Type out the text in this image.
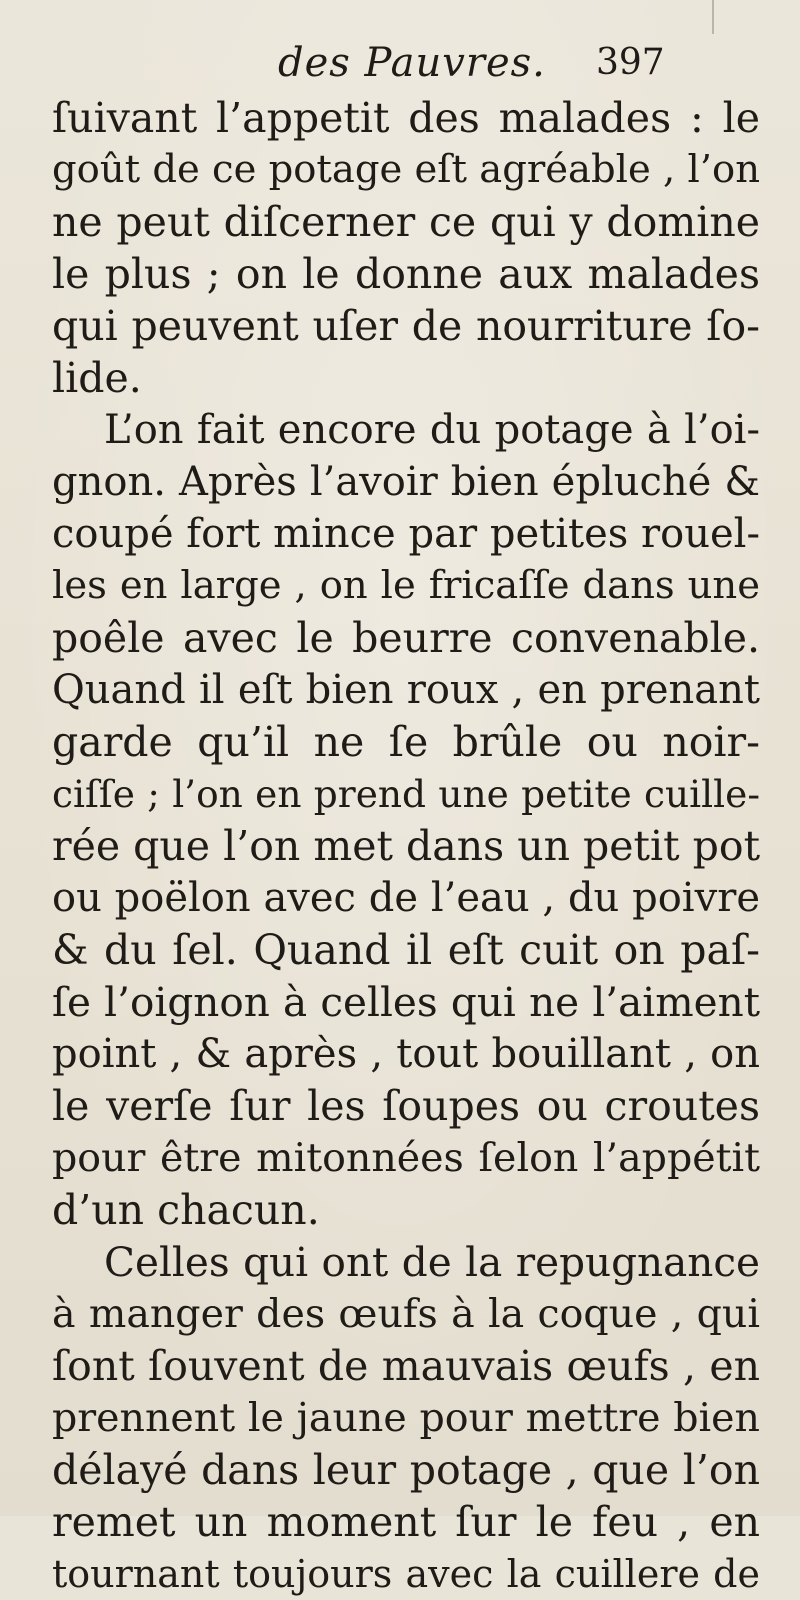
des Pauvres. 397
ſuivant l’appetit des malades : le
goût de ce potage eſt agréable , l’on
ne peut diſcerner ce qui y domine
le plus ; on le donne aux malades
qui peuvent uſer de nourriture ſo-
lide.
L’on fait encore du potage à l’oi-
gnon. Après l’avoir bien épluché &
coupé fort mince par petites rouel-
les en large , on le fricaſſe dans une
poêle avec le beurre convenable.
Quand il eſt bien roux , en prenant
garde qu’il ne ſe brûle ou noir-
ciſſe ; l’on en prend une petite cuille-
rée que l’on met dans un petit pot
ou poëlon avec de l’eau , du poivre
& du ſel. Quand il eſt cuit on paſ-
ſe l’oignon à celles qui ne l’aiment
point , & après , tout bouillant , on
le verſe ſur les ſoupes ou croutes
pour être mitonnées ſelon l’appétit
d’un chacun.
Celles qui ont de la repugnance
à manger des œufs à la coque , qui
ſont ſouvent de mauvais œufs , en
prennent le jaune pour mettre bien
délayé dans leur potage , que l’on
remet un moment ſur le feu , en
tournant toujours avec la cuillere de
